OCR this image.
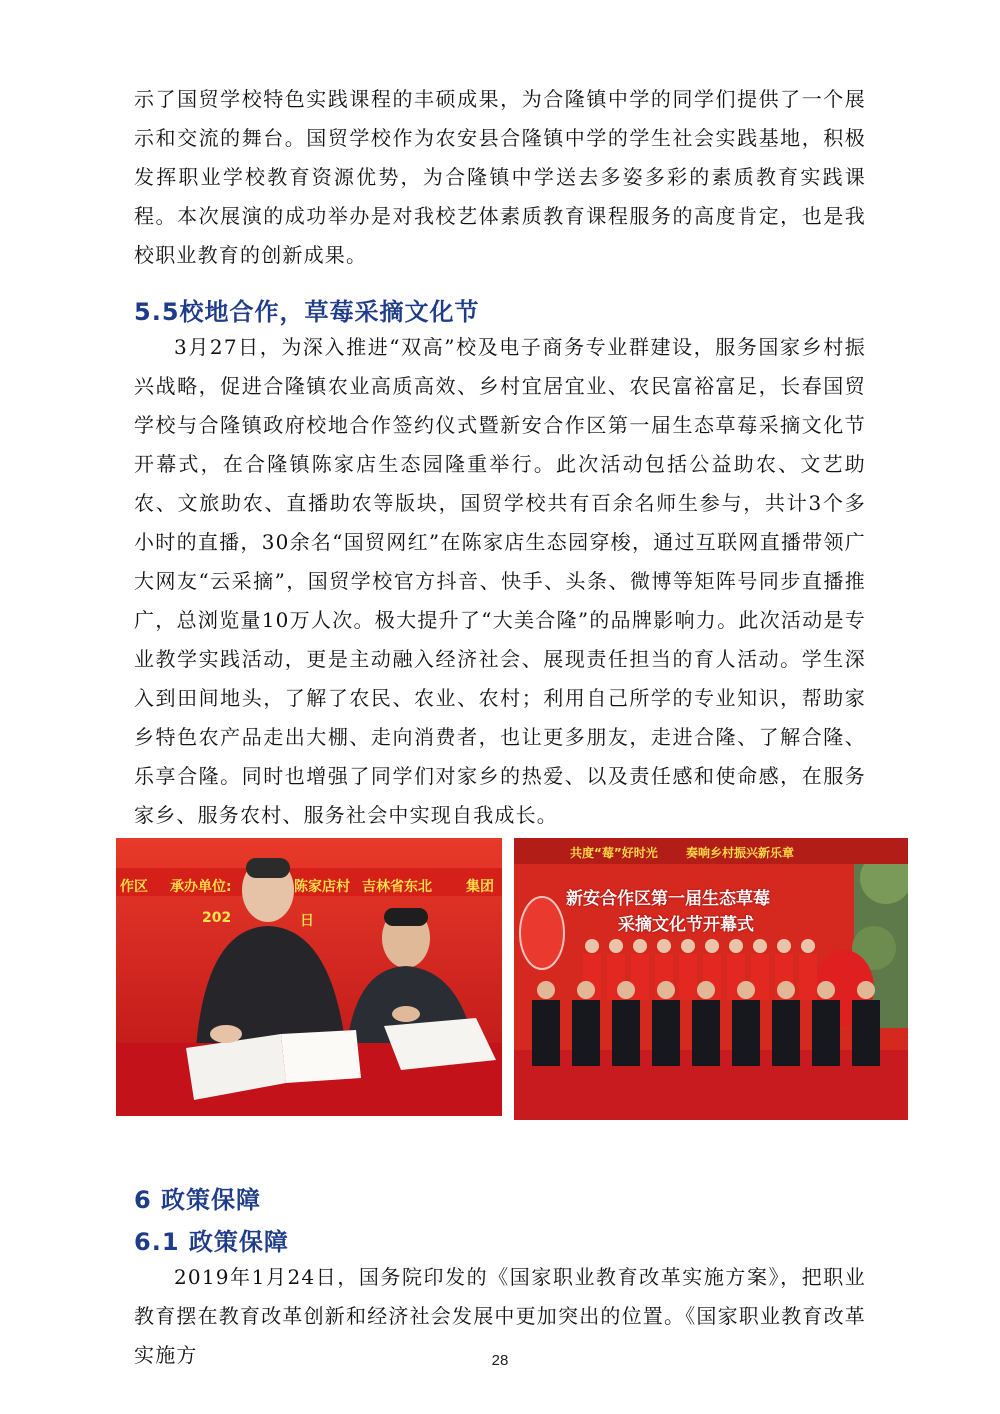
示了国贸学校特色实践课程的丰硕成果，为合隆镇中学的同学们提供了一个展示和交流的舞台。国贸学校作为农安县合隆镇中学的学生社会实践基地，积极发挥职业学校教育资源优势，为合隆镇中学送去多姿多彩的素质教育实践课程。本次展演的成功举办是对我校艺体素质教育课程服务的高度肯定，也是我校职业教育的创新成果。

5.5校地合作，草莓采摘文化节

3月27日，为深入推进“双高”校及电子商务专业群建设，服务国家乡村振兴战略，促进合隆镇农业高质高效、乡村宜居宜业、农民富裕富足，长春国贸学校与合隆镇政府校地合作签约仪式暨新安合作区第一届生态草莓采摘文化节开幕式，在合隆镇陈家店生态园隆重举行。此次活动包括公益助农、文艺助农、文旅助农、直播助农等版块，国贸学校共有百余名师生参与，共计3个多小时的直播，30余名“国贸网红”在陈家店生态园穿梭，通过互联网直播带领广大网友“云采摘”，国贸学校官方抖音、快手、头条、微博等矩阵号同步直播推广，总浏览量10万人次。极大提升了“大美合隆”的品牌影响力。此次活动是专业教学实践活动，更是主动融入经济社会、展现责任担当的育人活动。学生深入到田间地头，了解了农民、农业、农村；利用自己所学的专业知识，帮助家乡特色农产品走出大棚、走向消费者，也让更多朋友，走进合隆、了解合隆、乐享合隆。同时也增强了同学们对家乡的热爱、以及责任感和使命感，在服务家乡、服务农村、服务社会中实现自我成长。

作区 承办单位:	陈家店村 吉林省东北 集团
202	日
共度“莓”好时光 奏响乡村振兴新乐章
新安合作区第一届生态草莓
采摘文化节开幕式
6 政策保障
6.1 政策保障

2019年1月24日，国务院印发的《国家职业教育改革实施方案》，把职业教育摆在教育改革创新和经济社会发展中更加突出的位置。《国家职业教育改革实施方	28
